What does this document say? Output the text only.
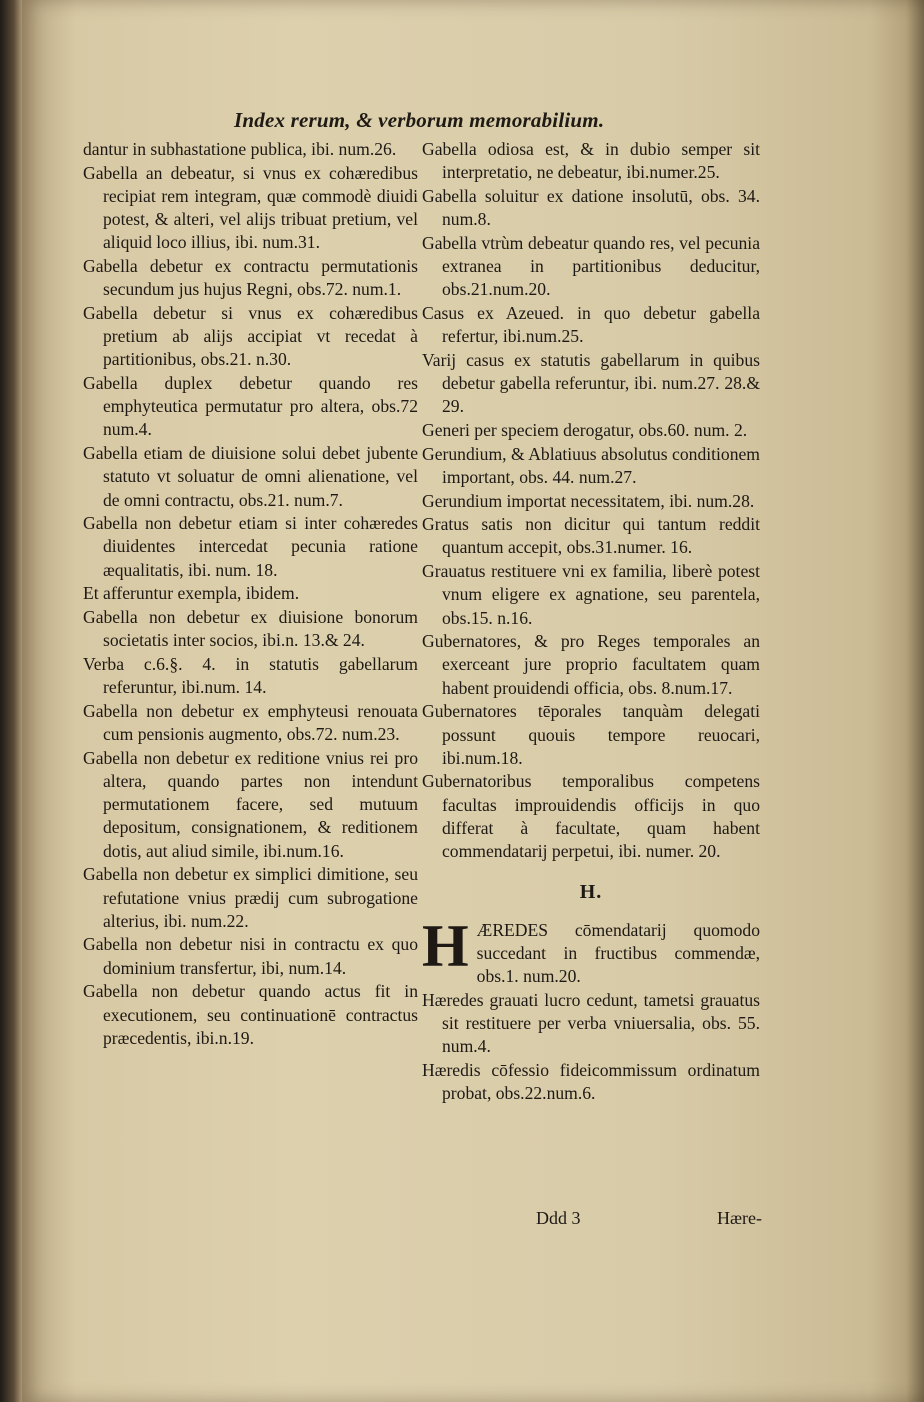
Index rerum, & verborum memorabilium.
dantur in subhastatione publica, ibi. num.26.
Gabella an debeatur, si vnus ex cohæredibus recipiat rem integram, quæ commodè diuidi potest, & alteri, vel alijs tribuat pretium, vel aliquid loco illius, ibi. num.31.
Gabella debetur ex contractu permutationis secundum jus hujus Regni, obs.72. num.1.
Gabella debetur si vnus ex cohæredibus pretium ab alijs accipiat vt recedat à partitionibus, obs.21. n.30.
Gabella duplex debetur quando res emphyteutica permutatur pro altera, obs.72 num.4.
Gabella etiam de diuisione solui debet jubente statuto vt soluatur de omni alienatione, vel de omni contractu, obs.21. num.7.
Gabella non debetur etiam si inter cohæredes diuidentes intercedat pecunia ratione æqualitatis, ibi. num. 18.
Et afferuntur exempla, ibidem.
Gabella non debetur ex diuisione bonorum societatis inter socios, ibi.n. 13.& 24.
Verba c.6.§. 4. in statutis gabellarum referuntur, ibi.num. 14.
Gabella non debetur ex emphyteusi renouata cum pensionis augmento, obs.72. num.23.
Gabella non debetur ex reditione vnius rei pro altera, quando partes non intendunt permutationem facere, sed mutuum depositum, consignationem, & reditionem dotis, aut aliud simile, ibi.num.16.
Gabella non debetur ex simplici dimitione, seu refutatione vnius prædij cum subrogatione alterius, ibi. num.22.
Gabella non debetur nisi in contractu ex quo dominium transfertur, ibi, num.14.
Gabella non debetur quando actus fit in executionem, seu continuationē contractus præcedentis, ibi.n.19.
Gabella odiosa est, & in dubio semper sit interpretatio, ne debeatur, ibi.numer.25.
Gabella soluitur ex datione insolutū, obs. 34. num.8.
Gabella vtrùm debeatur quando res, vel pecunia extranea in partitionibus deducitur, obs.21.num.20.
Casus ex Azeued. in quo debetur gabella refertur, ibi.num.25.
Varij casus ex statutis gabellarum in quibus debetur gabella referuntur, ibi. num.27. 28.& 29.
Generi per speciem derogatur, obs.60. num. 2.
Gerundium, & Ablatiuus absolutus conditionem important, obs. 44. num.27.
Gerundium importat necessitatem, ibi. num.28.
Gratus satis non dicitur qui tantum reddit quantum accepit, obs.31.numer. 16.
Grauatus restituere vni ex familia, liberè potest vnum eligere ex agnatione, seu parentela, obs.15. n.16.
Gubernatores, & pro Reges temporales an exerceant jure proprio facultatem quam habent prouidendi officia, obs. 8.num.17.
Gubernatores tēporales tanquàm delegati possunt quouis tempore reuocari, ibi.num.18.
Gubernatoribus temporalibus competens facultas improuidendis officijs in quo differat à facultate, quam habent commendatarij perpetui, ibi. numer. 20.
H.
H ÆREDES cōmendatarij quomodo succedant in fructibus commendæ, obs.1. num.20.
Hæredes grauati lucro cedunt, tametsi grauatus sit restituere per verba vniuersalia, obs. 55. num.4.
Hæredis cōfessio fideicommissum ordinatum probat, obs.22.num.6.
Ddd 3	Hære-
